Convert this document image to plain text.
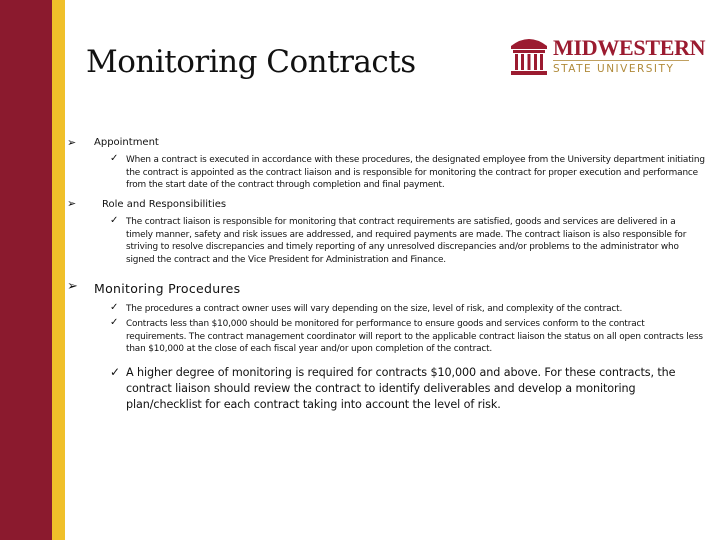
Monitoring Contracts	MIDWESTERN
STATE UNIVERSITY
➢ Appointment
✓ When a contract is executed in accordance with these procedures, the designated employee from the University department initiating the contract is appointed as the contract liaison and is responsible for monitoring the contract for proper execution and performance from the start date of the contract through completion and final payment.
➢	Role and Responsibilities
✓ The contract liaison is responsible for monitoring that contract requirements are satisfied, goods and services are delivered in a timely manner, safety and risk issues are addressed, and required payments are made. The contract liaison is also responsible for striving to resolve discrepancies and timely reporting of any unresolved discrepancies and/or problems to the administrator who signed the contract and the Vice President for Administration and Finance.
➢ Monitoring Procedures
✓ The procedures a contract owner uses will vary depending on the size, level of risk, and complexity of the contract.
✓ Contracts less than $10,000 should be monitored for performance to ensure goods and services conform to the contract requirements. The contract management coordinator will report to the applicable contract liaison the status on all open contracts less than $10,000 at the close of each fiscal year and/or upon completion of the contract.
✓ A higher degree of monitoring is required for contracts $10,000 and above. For these contracts, the contract liaison should review the contract to identify deliverables and develop a monitoring plan/checklist for each contract taking into account the level of risk.
